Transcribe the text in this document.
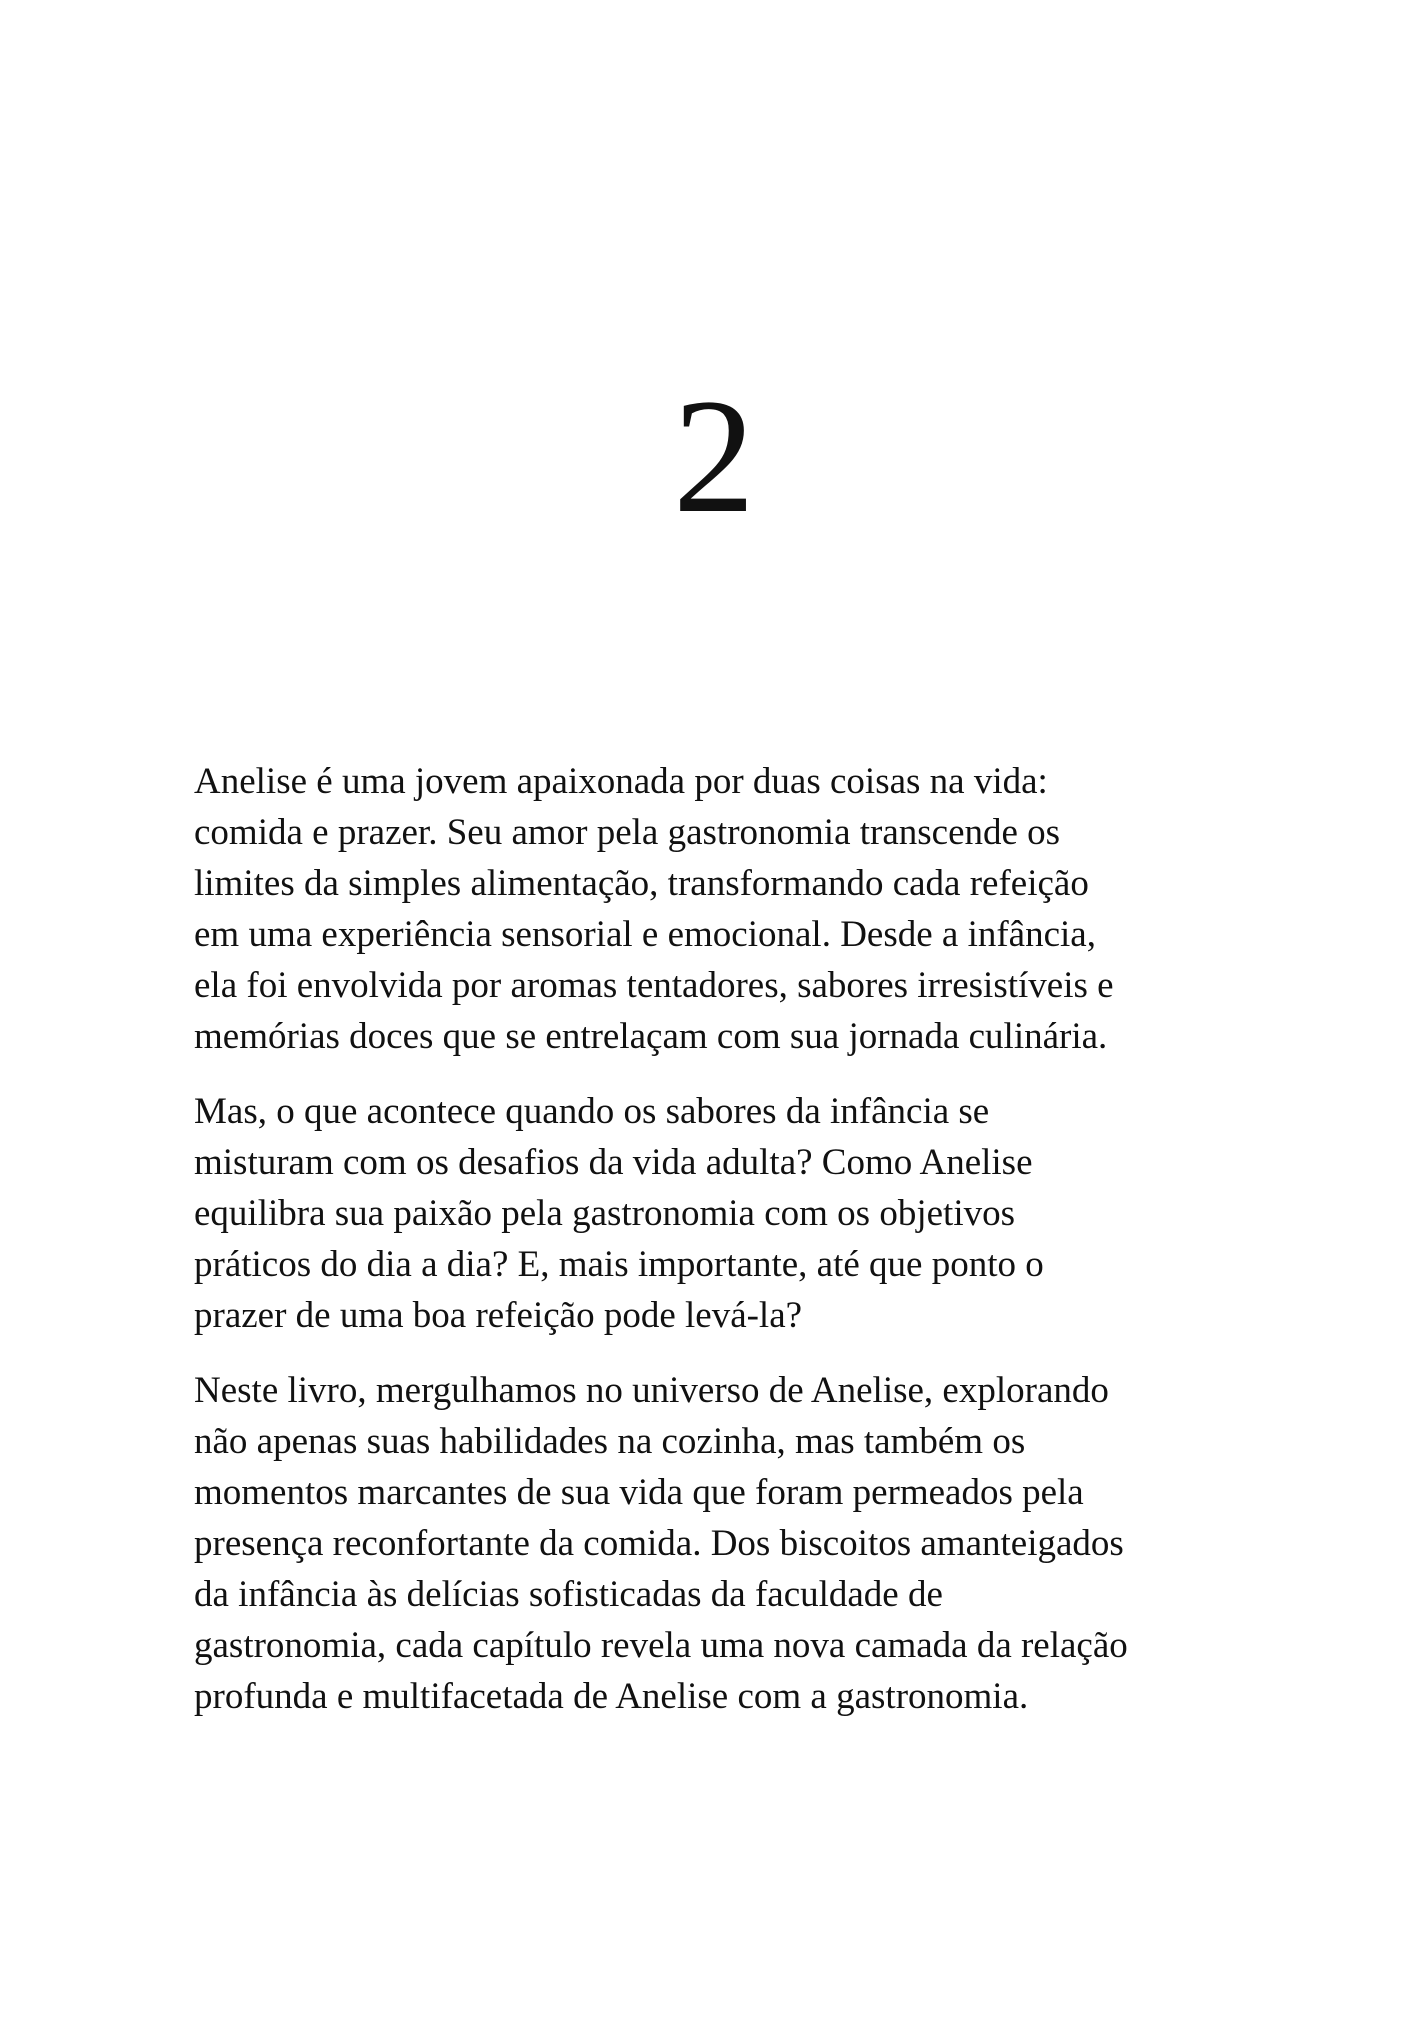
2

Anelise é uma jovem apaixonada por duas coisas na vida:
comida e prazer. Seu amor pela gastronomia transcende os
limites da simples alimentação, transformando cada refeição
em uma experiência sensorial e emocional. Desde a infância,
ela foi envolvida por aromas tentadores, sabores irresistíveis e
memórias doces que se entrelaçam com sua jornada culinária.

Mas, o que acontece quando os sabores da infância se
misturam com os desafios da vida adulta? Como Anelise
equilibra sua paixão pela gastronomia com os objetivos
práticos do dia a dia? E, mais importante, até que ponto o
prazer de uma boa refeição pode levá-la?

Neste livro, mergulhamos no universo de Anelise, explorando
não apenas suas habilidades na cozinha, mas também os
momentos marcantes de sua vida que foram permeados pela
presença reconfortante da comida. Dos biscoitos amanteigados
da infância às delícias sofisticadas da faculdade de
gastronomia, cada capítulo revela uma nova camada da relação
profunda e multifacetada de Anelise com a gastronomia.
